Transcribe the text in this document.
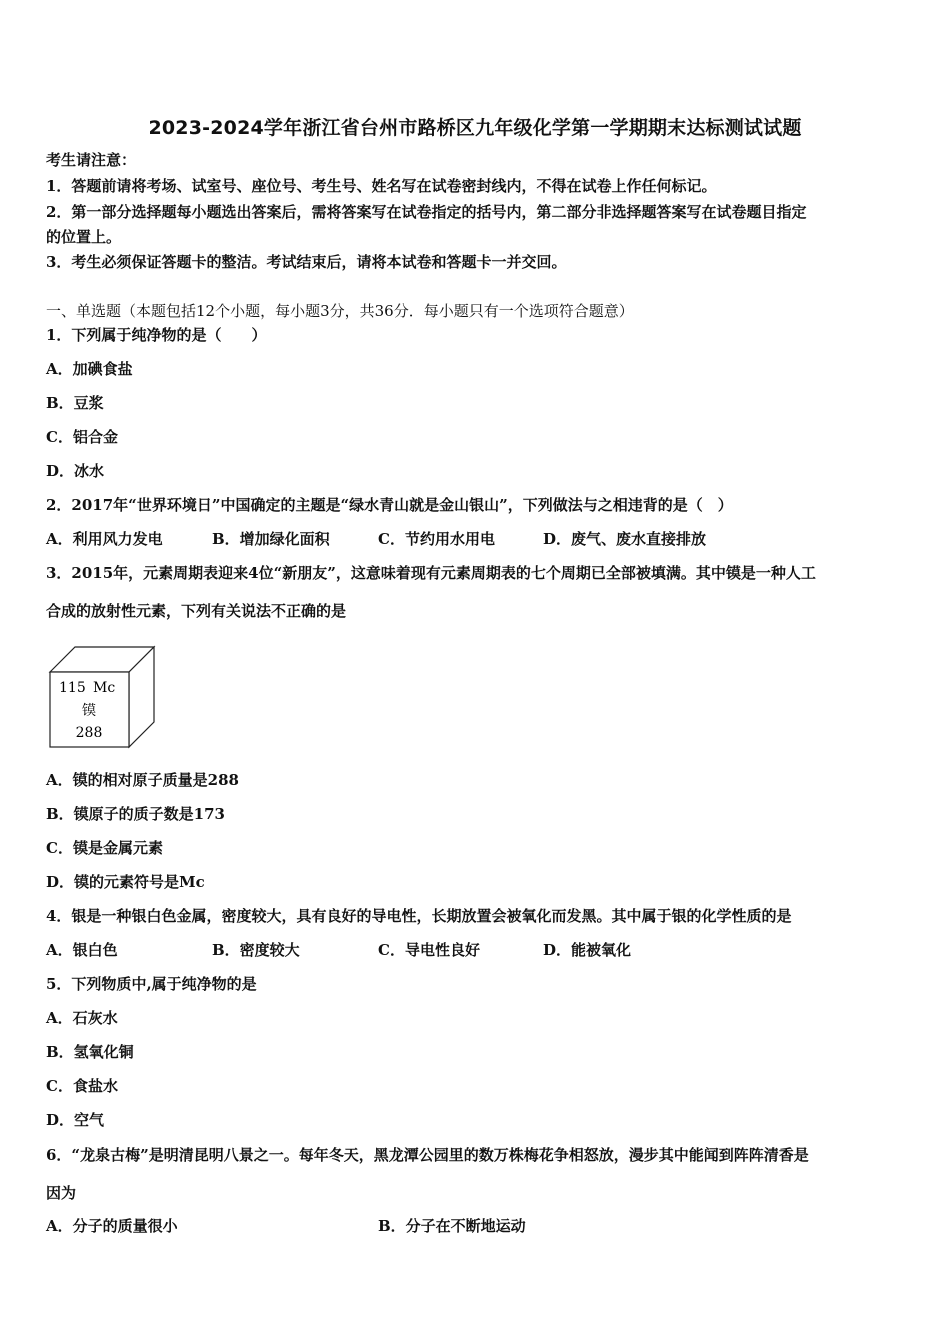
2023-2024学年浙江省台州市路桥区九年级化学第一学期期末达标测试试题
考生请注意：
1．答题前请将考场、试室号、座位号、考生号、姓名写在试卷密封线内，不得在试卷上作任何标记。
2．第一部分选择题每小题选出答案后，需将答案写在试卷指定的括号内，第二部分非选择题答案写在试卷题目指定
的位置上。
3．考生必须保证答题卡的整洁。考试结束后，请将本试卷和答题卡一并交回。
一、单选题（本题包括12个小题，每小题3分，共36分．每小题只有一个选项符合题意）
1．下列属于纯净物的是（　　）
A．加碘食盐
B．豆浆
C．铝合金
D．冰水
2．2017年“世界环境日”中国确定的主题是“绿水青山就是金山银山”，下列做法与之相违背的是（　）
A．利用风力发电	B．增加绿化面积	C．节约用水用电	D．废气、废水直接排放
3．2015年，元素周期表迎来4位“新朋友”，这意味着现有元素周期表的七个周期已全部被填满。其中镆是一种人工
合成的放射性元素，下列有关说法不正确的是
115 Mc
镆
288
A．镆的相对原子质量是288
B．镆原子的质子数是173
C．镆是金属元素
D．镆的元素符号是Mc
4．银是一种银白色金属，密度较大，具有良好的导电性，长期放置会被氧化而发黑。其中属于银的化学性质的是
A．银白色	B．密度较大	C．导电性良好	D．能被氧化
5．下列物质中,属于纯净物的是
A．石灰水
B．氢氧化铜
C．食盐水
D．空气
6．“龙泉古梅”是明清昆明八景之一。每年冬天，黑龙潭公园里的数万株梅花争相怒放，漫步其中能闻到阵阵清香是
因为
A．分子的质量很小	B．分子在不断地运动
